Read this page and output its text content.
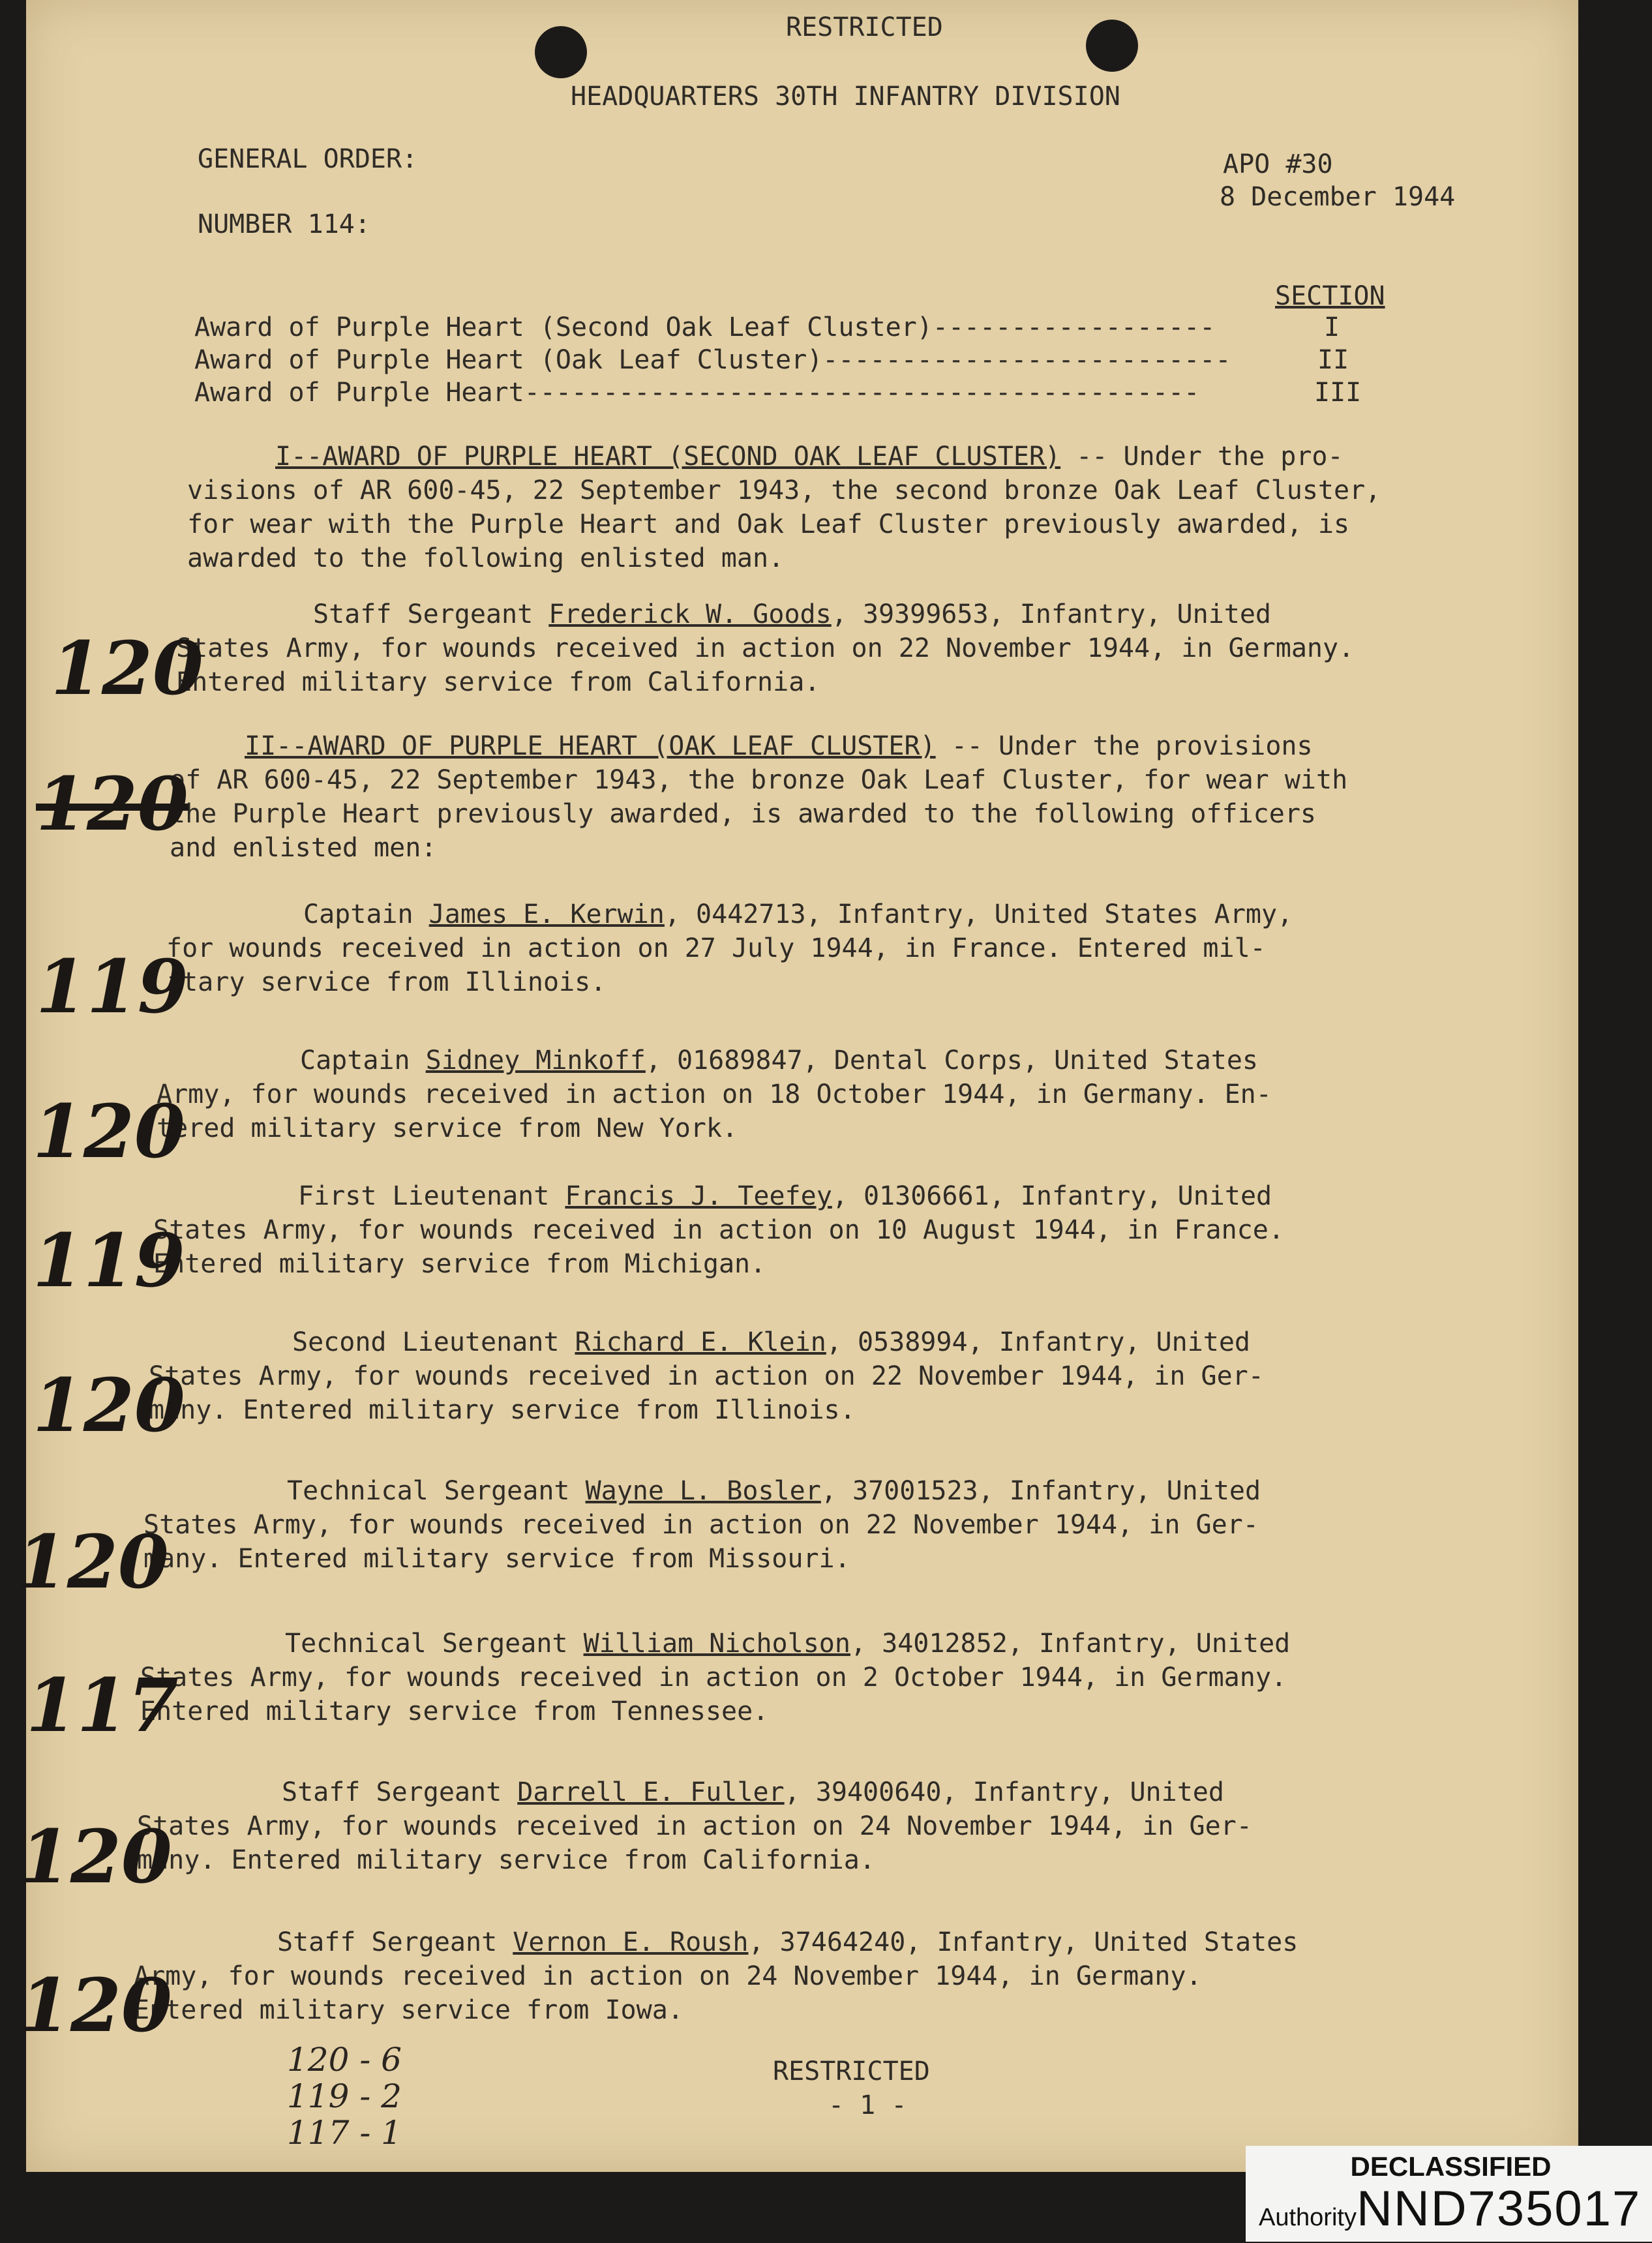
RESTRICTED

HEADQUARTERS 30TH INFANTRY DIVISION

GENERAL ORDER:

NUMBER 114:

APO #30

8 December 1944

SECTION

Award of Purple Heart (Second Oak Leaf Cluster)------------------	I

Award of Purple Heart (Oak Leaf Cluster)--------------------------	II

Award of Purple Heart-------------------------------------------	III

I--AWARD OF PURPLE HEART (SECOND OAK LEAF CLUSTER) -- Under the pro-
visions of AR 600-45, 22 September 1943, the second bronze Oak Leaf Cluster,
for wear with the Purple Heart and Oak Leaf Cluster previously awarded, is
awarded to the following enlisted man.
Staff Sergeant Frederick W. Goods, 39399653, Infantry, United
States Army, for wounds received in action on 22 November 1944, in Germany.
Entered military service from California.
II--AWARD OF PURPLE HEART (OAK LEAF CLUSTER) -- Under the provisions
of AR 600-45, 22 September 1943, the bronze Oak Leaf Cluster, for wear with
the Purple Heart previously awarded, is awarded to the following officers
and enlisted men:
Captain James E. Kerwin, 0442713, Infantry, United States Army,
for wounds received in action on 27 July 1944, in France. Entered mil-
itary service from Illinois.
Captain Sidney Minkoff, 01689847, Dental Corps, United States
Army, for wounds received in action on 18 October 1944, in Germany. En-
tered military service from New York.
First Lieutenant Francis J. Teefey, 01306661, Infantry, United
States Army, for wounds received in action on 10 August 1944, in France.
Entered military service from Michigan.
Second Lieutenant Richard E. Klein, 0538994, Infantry, United
States Army, for wounds received in action on 22 November 1944, in Ger-
many. Entered military service from Illinois.
Technical Sergeant Wayne L. Bosler, 37001523, Infantry, United
States Army, for wounds received in action on 22 November 1944, in Ger-
many. Entered military service from Missouri.
Technical Sergeant William Nicholson, 34012852, Infantry, United
States Army, for wounds received in action on 2 October 1944, in Germany.
Entered military service from Tennessee.
Staff Sergeant Darrell E. Fuller, 39400640, Infantry, United
States Army, for wounds received in action on 24 November 1944, in Ger-
many. Entered military service from California.
Staff Sergeant Vernon E. Roush, 37464240, Infantry, United States
Army, for wounds received in action on 24 November 1944, in Germany.
Entered military service from Iowa.

120

120

119

120

119

120

120

117

120

120

120 - 6
119 - 2
117 - 1

RESTRICTED

- 1 -

DECLASSIFIED
AuthorityNND735017
